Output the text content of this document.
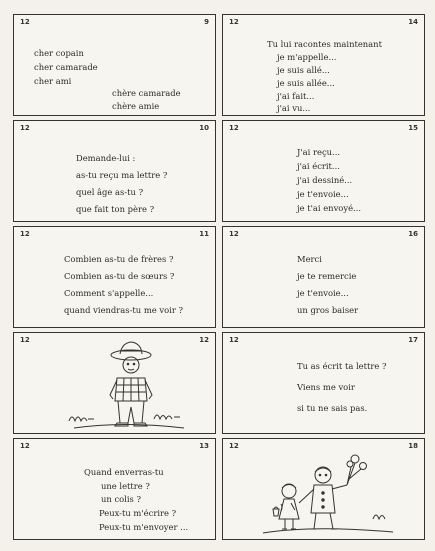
12	9
cher copain
cher camarade
cher ami
chère camarade
chère amie
12	14
Tu lui racontes maintenant
je m'appelle...
je suis allé...
je suis allée...
j'ai fait...
j'ai vu...
12	10
Demande-lui :
as-tu reçu ma lettre ?
quel âge as-tu ?
que fait ton père ?
12	15
J'ai reçu...
j'ai écrit...
j'ai dessiné...
je t'envoie...
je t'ai envoyé...
12	11
Combien as-tu de frères ?
Combien as-tu de sœurs ?
Comment s'appelle...
quand viendras-tu me voir ?
12	16
Merci
je te remercie
je t'envoie...
un gros baiser
12	12	12	17
Tu as écrit ta lettre ?
Viens me voir
si tu ne sais pas.
12	13
Quand enverras-tu
une lettre ?
un colis ?
Peux-tu m'écrire ?
Peux-tu m'envoyer ...
12	18
